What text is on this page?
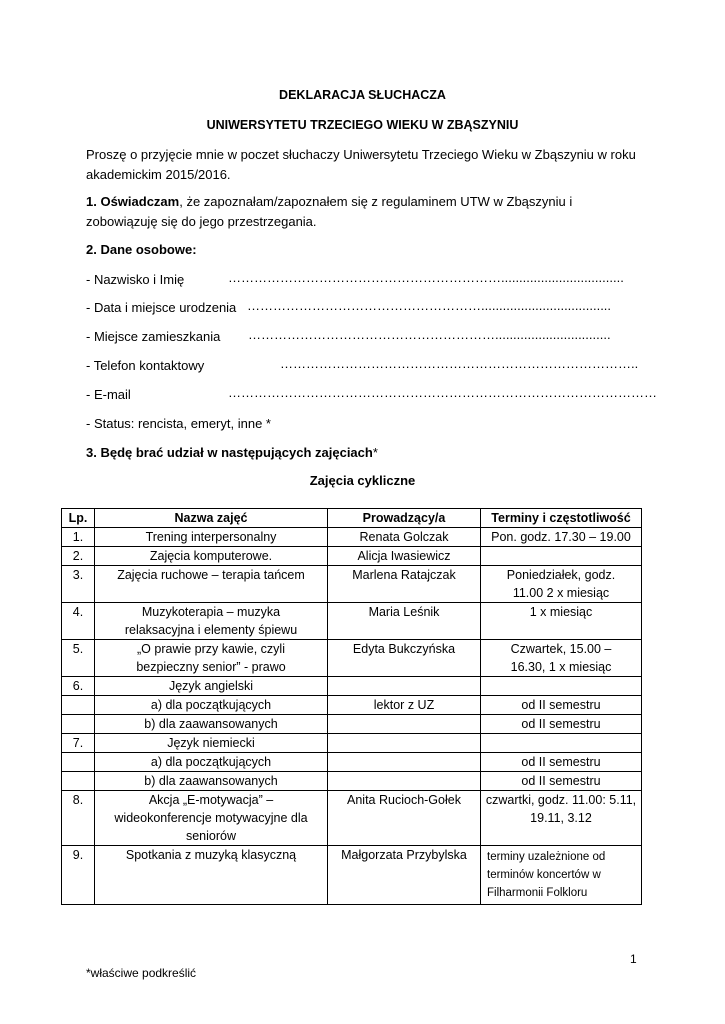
DEKLARACJA SŁUCHACZA
UNIWERSYTETU TRZECIEGO WIEKU W ZBĄSZYNIU
Proszę o przyjęcie mnie w poczet słuchaczy Uniwersytetu Trzeciego Wieku w Zbąszyniu w roku akademickim 2015/2016.
1. Oświadczam, że zapoznałam/zapoznałem się z regulaminem UTW w Zbąszyniu i zobowiązuję się do jego przestrzegania.
2. Dane osobowe:
- Nazwisko i Imię	………………………………………………………..................................
- Data i miejsce urodzenia ………………………………………………....................................
- Miejsce zamieszkania …………………………………………………................................
- Telefon kontaktowy	………………………………………………………………………..
- E-mail	………………………………………………………………………………………
- Status: rencista, emeryt, inne *
3. Będę brać udział w następujących zajęciach*
Zajęcia cykliczne
Lp.	Nazwa zajęć	Prowadzący/a	Terminy i częstotliwość
1.	Trening interpersonalny	Renata Golczak	Pon. godz. 17.30 – 19.00
2.	Zajęcia komputerowe.	Alicja Iwasiewicz	
3.	Zajęcia ruchowe – terapia tańcem	Marlena Ratajczak	Poniedziałek, godz. 11.00 2 x miesiąc
4.	Muzykoterapia – muzyka relaksacyjna i elementy śpiewu	Maria Leśnik	1 x miesiąc
5.	„O prawie przy kawie, czyli bezpieczny senior” - prawo	Edyta Bukczyńska	Czwartek, 15.00 – 16.30, 1 x miesiąc
6.	Język angielski		
	a) dla początkujących	lektor z UZ	od II semestru
	b) dla zaawansowanych		od II semestru
7.	Język niemiecki		
	a) dla początkujących		od II semestru
	b) dla zaawansowanych		od II semestru
8.	Akcja „E-motywacja” – wideokonferencje motywacyjne dla seniorów	Anita Rucioch-Gołek	czwartki, godz. 11.00: 5.11, 19.11, 3.12
9.	Spotkania z muzyką klasyczną	Małgorzata Przybylska	terminy uzależnione od terminów koncertów w Filharmonii Folkloru
1
*właściwe podkreślić
